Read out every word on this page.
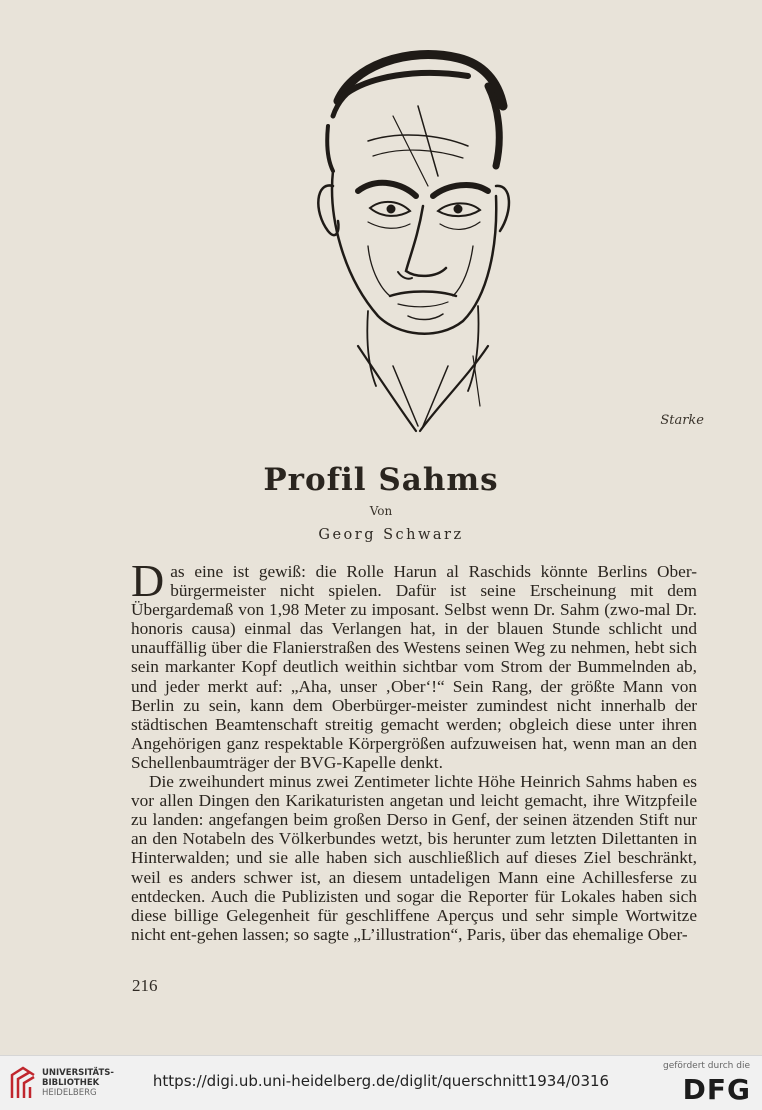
Starke
Profil Sahms
Von
Georg Schwarz

Das eine ist gewiß: die Rolle Harun al Raschids könnte Berlins Ober-bürgermeister nicht spielen. Dafür ist seine Erscheinung mit dem Übergardemaß von 1,98 Meter zu imposant. Selbst wenn Dr. Sahm (zwo-mal Dr. honoris causa) einmal das Verlangen hat, in der blauen Stunde schlicht und unauffällig über die Flanierstraßen des Westens seinen Weg zu nehmen, hebt sich sein markanter Kopf deutlich weithin sichtbar vom Strom der Bummelnden ab, und jeder merkt auf: „Aha, unser ‚Ober‘!“ Sein Rang, der größte Mann von Berlin zu sein, kann dem Oberbürger-meister zumindest nicht innerhalb der städtischen Beamtenschaft streitig gemacht werden; obgleich diese unter ihren Angehörigen ganz respektable Körpergrößen aufzuweisen hat, wenn man an den Schellenbaumträger der BVG-Kapelle denkt.

Die zweihundert minus zwei Zentimeter lichte Höhe Heinrich Sahms haben es vor allen Dingen den Karikaturisten angetan und leicht gemacht, ihre Witzpfeile zu landen: angefangen beim großen Derso in Genf, der seinen ätzenden Stift nur an den Notabeln des Völkerbundes wetzt, bis herunter zum letzten Dilettanten in Hinterwalden; und sie alle haben sich auschließlich auf dieses Ziel beschränkt, weil es anders schwer ist, an diesem untadeligen Mann eine Achillesferse zu entdecken. Auch die Publizisten und sogar die Reporter für Lokales haben sich diese billige Gelegenheit für geschliffene Aperçus und sehr simple Wortwitze nicht ent-gehen lassen; so sagte „L’illustration“, Paris, über das ehemalige Ober-

216
UNIVERSITÄTS-
BIBLIOTHEK
HEIDELBERG
https://digi.ub.uni-heidelberg.de/diglit/querschnitt1934/0316
gefördert durch die
DFG
